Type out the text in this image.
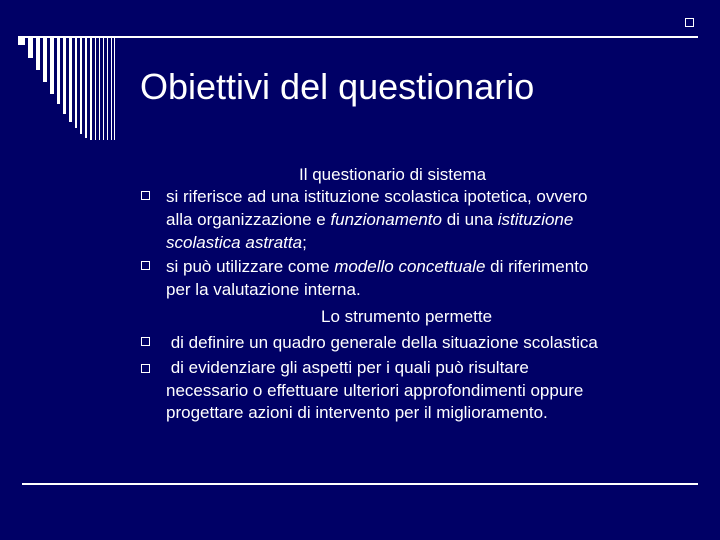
Obiettivi del questionario
Il questionario di sistema
si riferisce ad una istituzione scolastica ipotetica, ovvero
alla organizzazione e funzionamento di una istituzione
scolastica astratta;
si può utilizzare come modello concettuale di riferimento
per la valutazione interna.
Lo strumento permette
di definire un quadro generale della situazione scolastica
di evidenziare gli aspetti per i quali può risultare
necessario o effettuare ulteriori approfondimenti oppure
progettare azioni di intervento per il miglioramento.
